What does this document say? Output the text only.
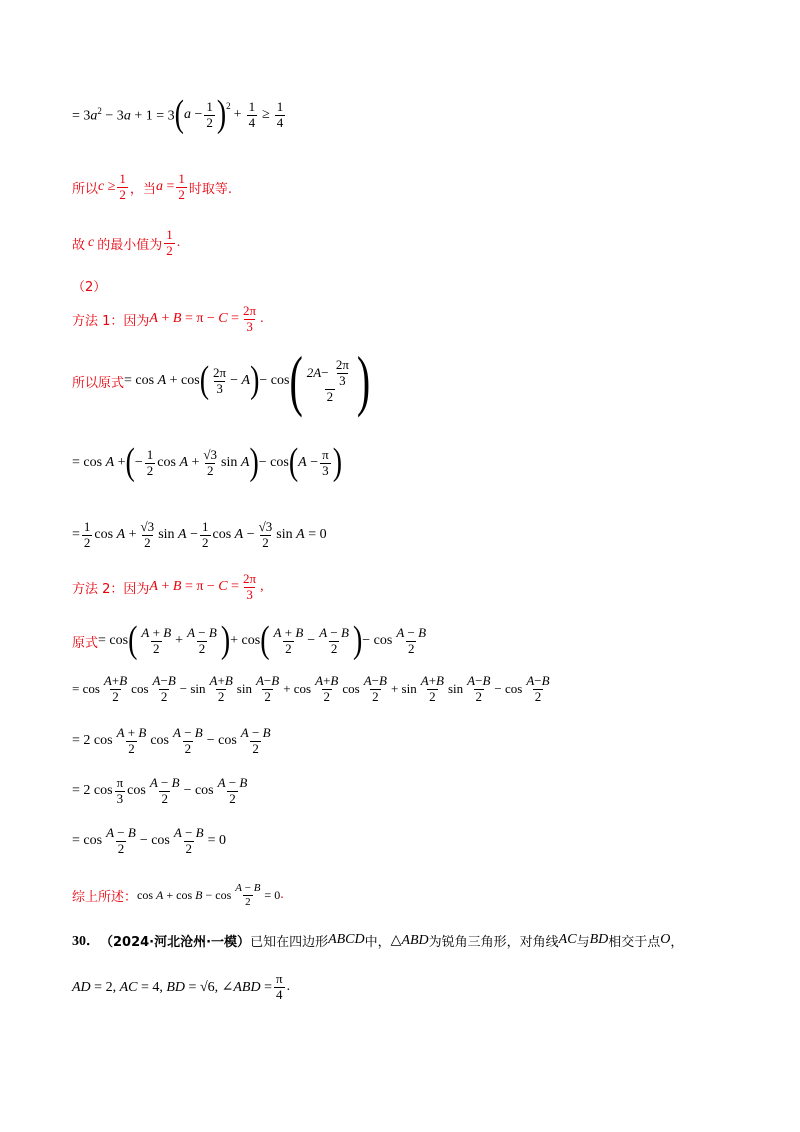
= $3a^2 - 3a + 1 = 3$ ( $a - \frac{1}{2} )^2$
+ $\frac{1}{4} \ge \frac{1}{4}$
所以 $c \ge \frac{1}{2}$ ，当 $a = \frac{1}{2}$ 时取等.
故 c 的最小值为 $\frac{1}{2}$ .
（2）
方法 1：因为 $A + B = \pi - C = \frac{2\pi}{3}$ .
所以原式 = cos A + cos ( $\frac{2\pi}{3} - A$ ) − cos ( $\frac{2A - \frac{2\pi}{3}}{2}$ )
= cos A + ( − $\frac{1}{2}$ $\cos A + \frac{√3}{2}$ sin A ) − cos ( $A - \frac{\pi}{3}$ )
= $\frac{1}{2}$ $\cos A + \frac{√3}{2}$ $\sin A - \frac{1}{2}$ $\cos A - \frac{√3}{2}$ sin A = 0
方法 2：因为 $A + B = \pi - C = \frac{2\pi}{3}$ ,
原式 = cos ( $\frac{A + B}{2} + \frac{A - B}{2}$ ) + cos ( $\frac{A + B}{2} - \frac{A - B}{2}$ ) − $\cos \frac{A - B}{2}$
= $\cos \frac{A+B}{2}$ $\cos \frac{A-B}{2} - \sin \frac{A+B}{2}$ $\sin \frac{A-B}{2} + \cos \frac{A+B}{2}$ $\cos \frac{A-B}{2} + \sin \frac{A+B}{2}$ $\sin \frac{A-B}{2} - \cos \frac{A-B}{2}$
= 2 $\cos \frac{A + B}{2}$ $\cos \frac{A - B}{2} - \cos \frac{A - B}{2}$
= 2 $\cos \frac{\pi}{3}$ $\cos \frac{A - B}{2} - \cos \frac{A - B}{2}$
= $\cos \frac{A - B}{2} - \cos \frac{A - B}{2} = 0$
综上所述： $\cos A + \cos B - \cos \frac{A - B}{2} = 0$ .
30． （2024·河北沧州·一模） 已知在四边形 ABCD 中， △ABD 为锐角三角形，对角线 AC 与 BD 相交于点 O ，
AD = 2, AC = 4, BD = √6, ∠ABD = $\frac{\pi}{4}$ .
